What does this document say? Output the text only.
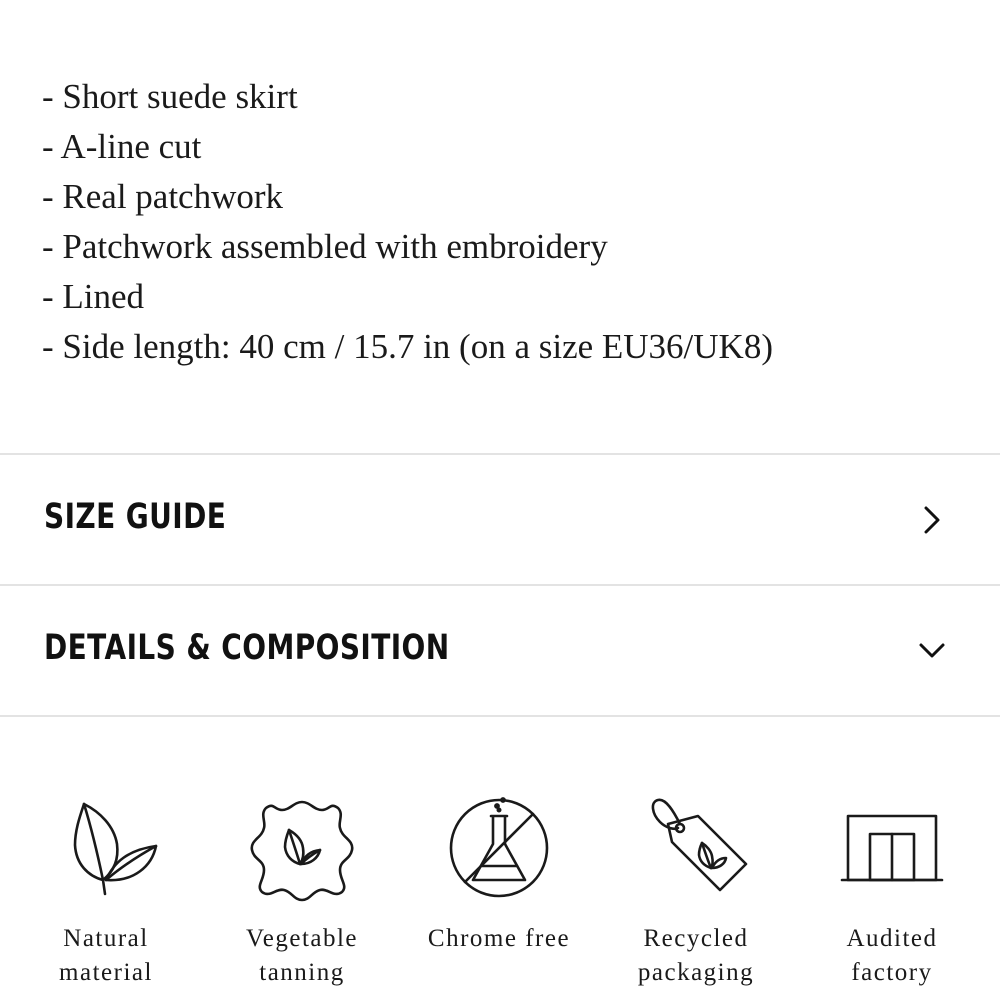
- Short suede skirt
- A-line cut
- Real patchwork
- Patchwork assembled with embroidery
- Lined
- Side length: 40 cm / 15.7 in (on a size EU36/UK8)
SIZE GUIDE
DETAILS & COMPOSITION
Natural
material
Vegetable
tanning
Chrome free	Recycled
packaging
Audited
factory
